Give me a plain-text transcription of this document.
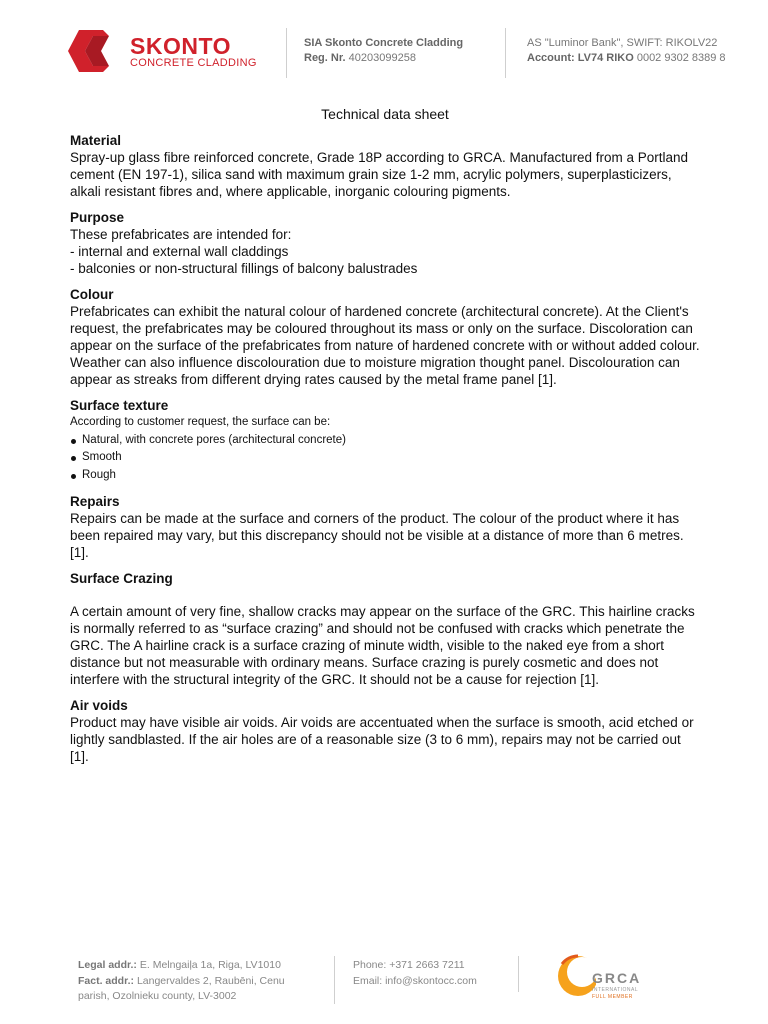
SKONTO
CONCRETE CLADDING
SIA Skonto Concrete Cladding
Reg. Nr. 40203099258
AS "Luminor Bank", SWIFT: RIKOLV22
Account: LV74 RIKO 0002 9302 8389 8
Technical data sheet
Material

Spray-up glass fibre reinforced concrete, Grade 18P according to GRCA. Manufactured from a Portland cement (EN 197-1), silica sand with maximum grain size 1-2 mm, acrylic polymers, superplasticizers, alkali resistant fibres and, where applicable, inorganic colouring pigments.

Purpose

These prefabricates are intended for:

- internal and external wall claddings

- balconies or non-structural fillings of balcony balustrades

Colour

Prefabricates can exhibit the natural colour of hardened concrete (architectural concrete). At the Client's request, the prefabricates may be coloured throughout its mass or only on the surface. Discoloration can appear on the surface of the prefabricates from nature of hardened concrete with or without added colour.

Weather can also influence discolouration due to moisture migration thought panel. Discolouration can appear as streaks from different drying rates caused by the metal frame panel [1].

Surface texture

According to customer request, the surface can be:

Natural, with concrete pores (architectural concrete)
Smooth
Rough
Repairs

Repairs can be made at the surface and corners of the product. The colour of the product where it has been repaired may vary, but this discrepancy should not be visible at a distance of more than 6 metres. [1].

Surface Crazing

A certain amount of very fine, shallow cracks may appear on the surface of the GRC. This hairline cracks is normally referred to as “surface crazing” and should not be confused with cracks which penetrate the GRC. The A hairline crack is a surface crazing of minute width, visible to the naked eye from a short distance but not measurable with ordinary means. Surface crazing is purely cosmetic and does not interfere with the structural integrity of the GRC. It should not be a cause for rejection [1].

Air voids

Product may have visible air voids. Air voids are accentuated when the surface is smooth, acid etched or lightly sandblasted. If the air holes are of a reasonable size (3 to 6 mm), repairs may not be carried out [1].

Legal addr.: E. Melngaiļa 1a, Riga, LV1010
Fact. addr.: Langervaldes 2, Raubēni, Cenu
parish, Ozolnieku county, LV-3002
Phone: +371 2663 7211
Email: info@skontocc.com	GRCA
INTERNATIONAL
FULL MEMBER
